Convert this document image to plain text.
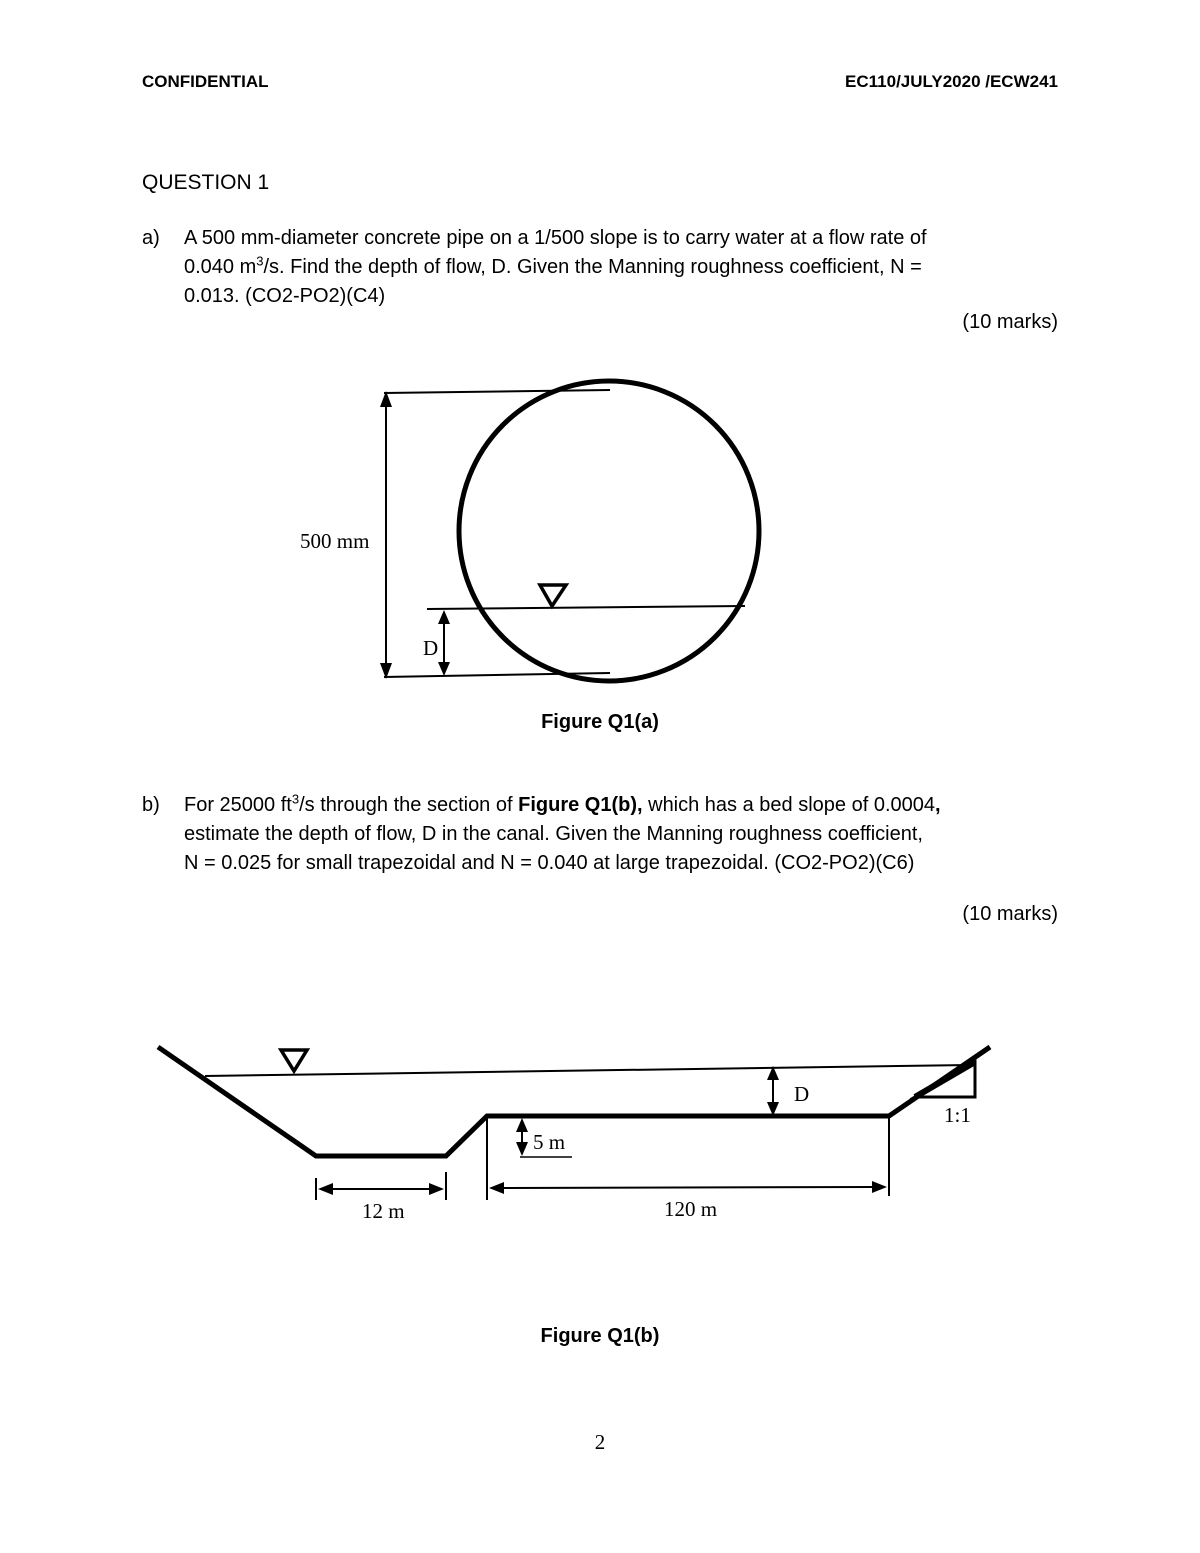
CONFIDENTIAL	EC110/JULY2020 /ECW241
QUESTION 1
a)	A 500 mm-diameter concrete pipe on a 1/500 slope is to carry water at a flow rate of
0.040 $m^3/s$. Find the depth of flow, D. Given the Manning roughness coefficient, N =
0.013. (CO2-PO2)(C4)
(10 marks)
500 mm
D
Figure Q1(a)
b)	For 25000 $ft^3/s$ through the section of Figure Q1(b), which has a bed slope of 0.0004,
estimate the depth of flow, D in the canal. Given the Manning roughness coefficient,
N = 0.025 for small trapezoidal and N = 0.040 at large trapezoidal. (CO2-PO2)(C6)
(10 marks)
D
1:1
5 m
12 m	120 m
Figure Q1(b)
2
